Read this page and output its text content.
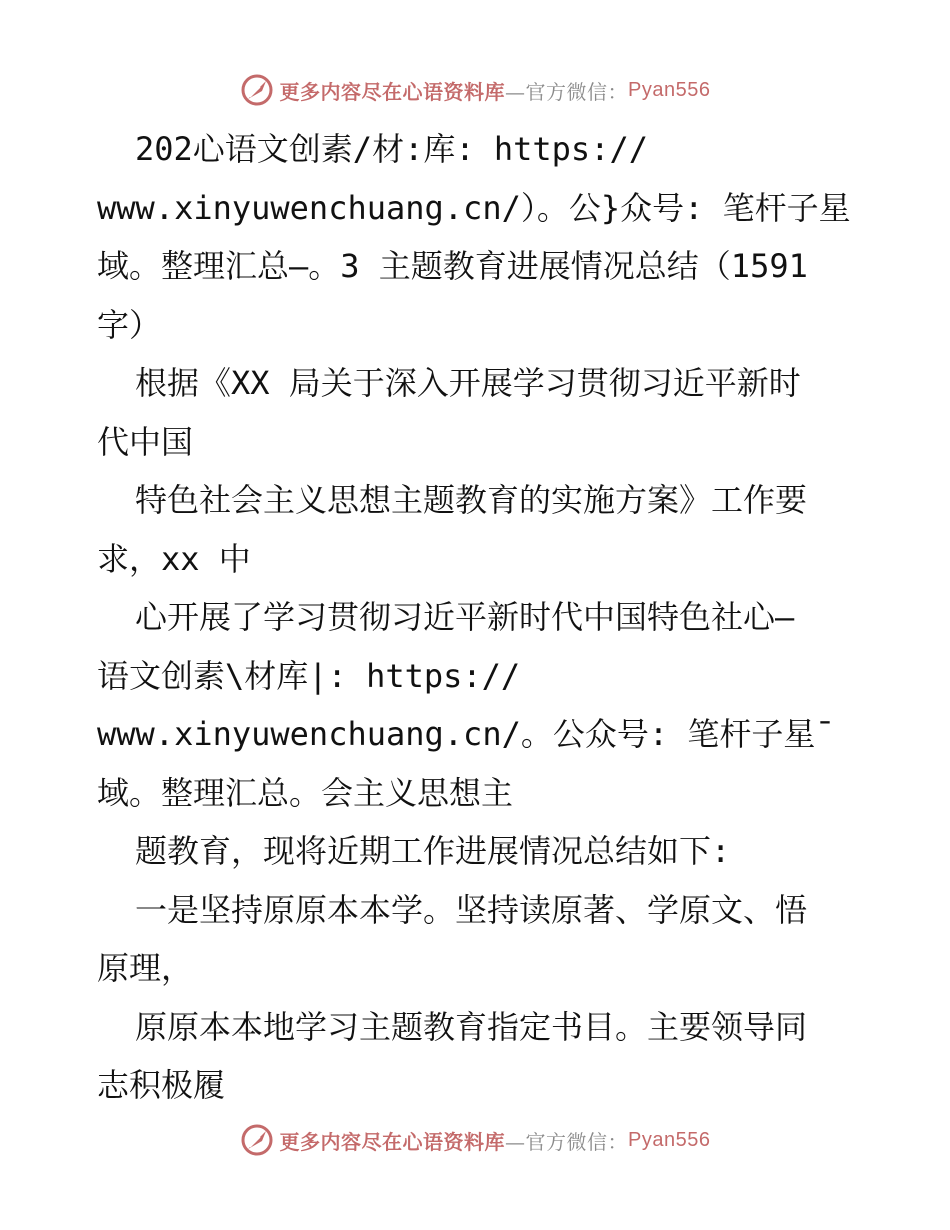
更多内容尽在心语资料库 —官方微信： Pyan556

202心语文创素/材:库: https://

www.xinyuwenchuang.cn/）。公}众号: 笔杆子星

域。整理汇总—。3 主题教育进展情况总结（1591

字）

根据《XX 局关于深入开展学习贯彻习近平新时

代中国

特色社会主义思想主题教育的实施方案》工作要

求，xx 中

心开展了学习贯彻习近平新时代中国特色社心—

语文创素\材库|: https://

www.xinyuwenchuang.cn/。公众号: 笔杆子星¯

域。整理汇总。会主义思想主

题教育，现将近期工作进展情况总结如下:

一是坚持原原本本学。坚持读原著、学原文、悟

原理，

原原本本地学习主题教育指定书目。主要领导同

志积极履

更多内容尽在心语资料库 —官方微信： Pyan556
